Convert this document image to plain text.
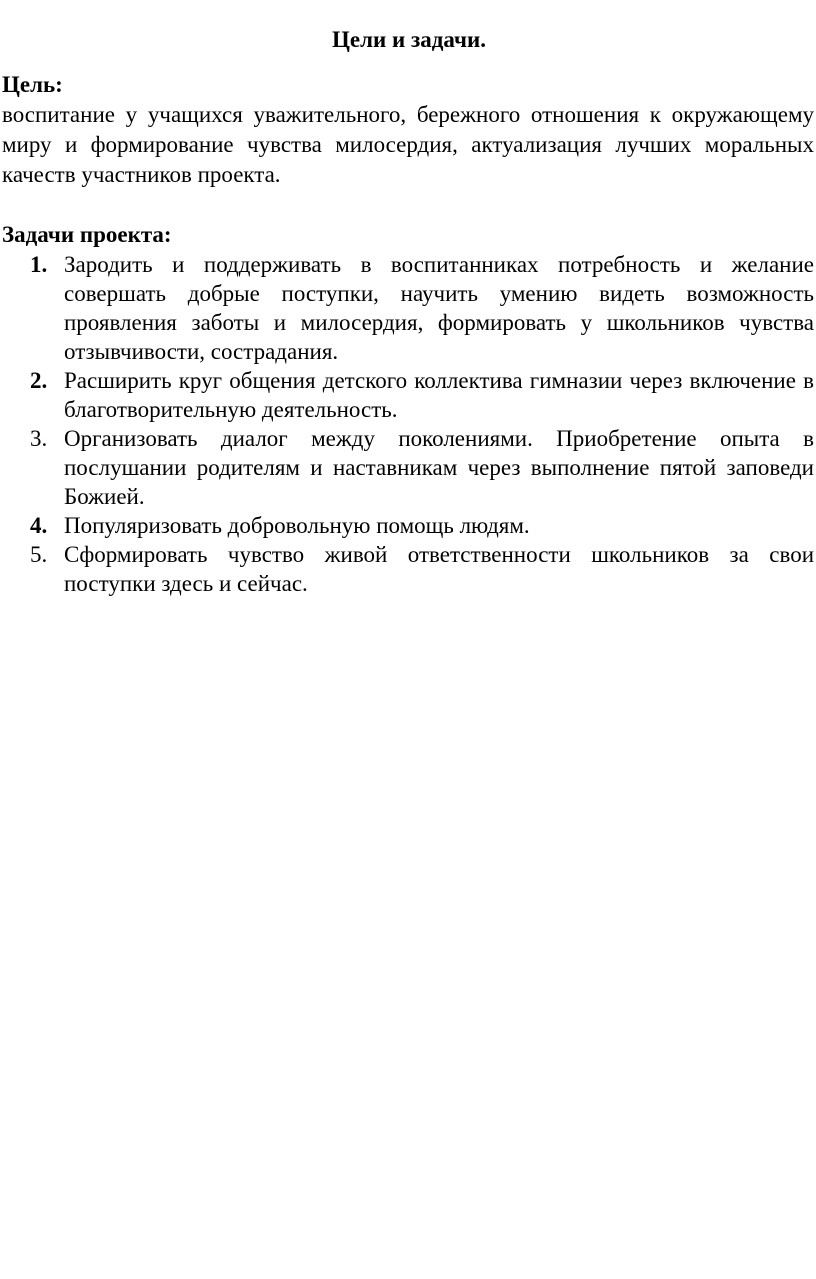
Цели и задачи.
Цель:
воспитание у учащихся уважительного, бережного отношения к окружающему миру и формирование чувства милосердия, актуализация лучших моральных качеств участников проекта.
Задачи проекта:
1. Зародить и поддерживать в воспитанниках потребность и желание совершать добрые поступки, научить умению видеть возможность проявления заботы и милосердия, формировать у школьников чувства отзывчивости, сострадания.
2. Расширить круг общения детского коллектива гимназии через включение в благотворительную деятельность.
3. Организовать диалог между поколениями. Приобретение опыта в послушании родителям и наставникам через выполнение пятой заповеди Божией.
4. Популяризовать добровольную помощь людям.
5. Сформировать чувство живой ответственности школьников за свои поступки здесь и сейчас.
